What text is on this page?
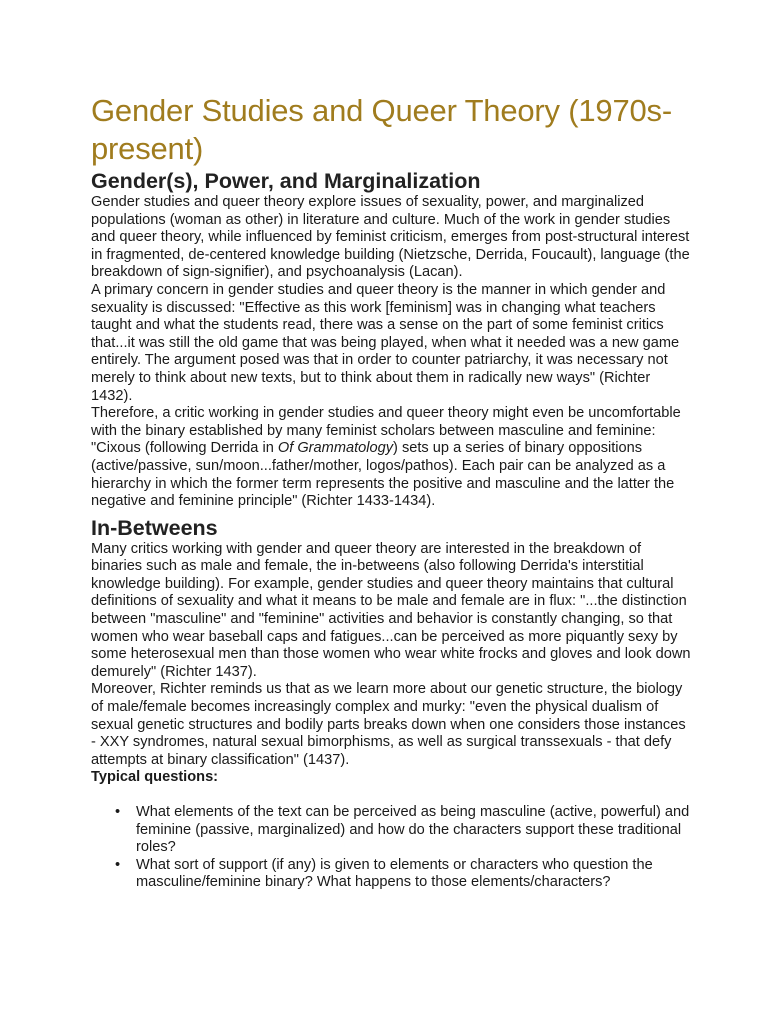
Gender Studies and Queer Theory (1970s-present)
Gender(s), Power, and Marginalization

Gender studies and queer theory explore issues of sexuality, power, and marginalized populations (woman as other) in literature and culture. Much of the work in gender studies and queer theory, while influenced by feminist criticism, emerges from post-structural interest in fragmented, de-centered knowledge building (Nietzsche, Derrida, Foucault), language (the breakdown of sign-signifier), and psychoanalysis (Lacan).

A primary concern in gender studies and queer theory is the manner in which gender and sexuality is discussed: "Effective as this work [feminism] was in changing what teachers taught and what the students read, there was a sense on the part of some feminist critics that...it was still the old game that was being played, when what it needed was a new game entirely. The argument posed was that in order to counter patriarchy, it was necessary not merely to think about new texts, but to think about them in radically new ways" (Richter 1432).

Therefore, a critic working in gender studies and queer theory might even be uncomfortable with the binary established by many feminist scholars between masculine and feminine: "Cixous (following Derrida in Of Grammatology) sets up a series of binary oppositions (active/passive, sun/moon...father/mother, logos/pathos). Each pair can be analyzed as a hierarchy in which the former term represents the positive and masculine and the latter the negative and feminine principle" (Richter 1433-1434).

In-Betweens

Many critics working with gender and queer theory are interested in the breakdown of binaries such as male and female, the in-betweens (also following Derrida's interstitial knowledge building). For example, gender studies and queer theory maintains that cultural definitions of sexuality and what it means to be male and female are in flux: "...the distinction between "masculine" and "feminine" activities and behavior is constantly changing, so that women who wear baseball caps and fatigues...can be perceived as more piquantly sexy by some heterosexual men than those women who wear white frocks and gloves and look down demurely" (Richter 1437).

Moreover, Richter reminds us that as we learn more about our genetic structure, the biology of male/female becomes increasingly complex and murky: "even the physical dualism of sexual genetic structures and bodily parts breaks down when one considers those instances - XXY syndromes, natural sexual bimorphisms, as well as surgical transsexuals - that defy attempts at binary classification" (1437).

Typical questions:

• What elements of the text can be perceived as being masculine (active, powerful) and feminine (passive, marginalized) and how do the characters support these traditional roles?
• What sort of support (if any) is given to elements or characters who question the masculine/feminine binary? What happens to those elements/characters?
